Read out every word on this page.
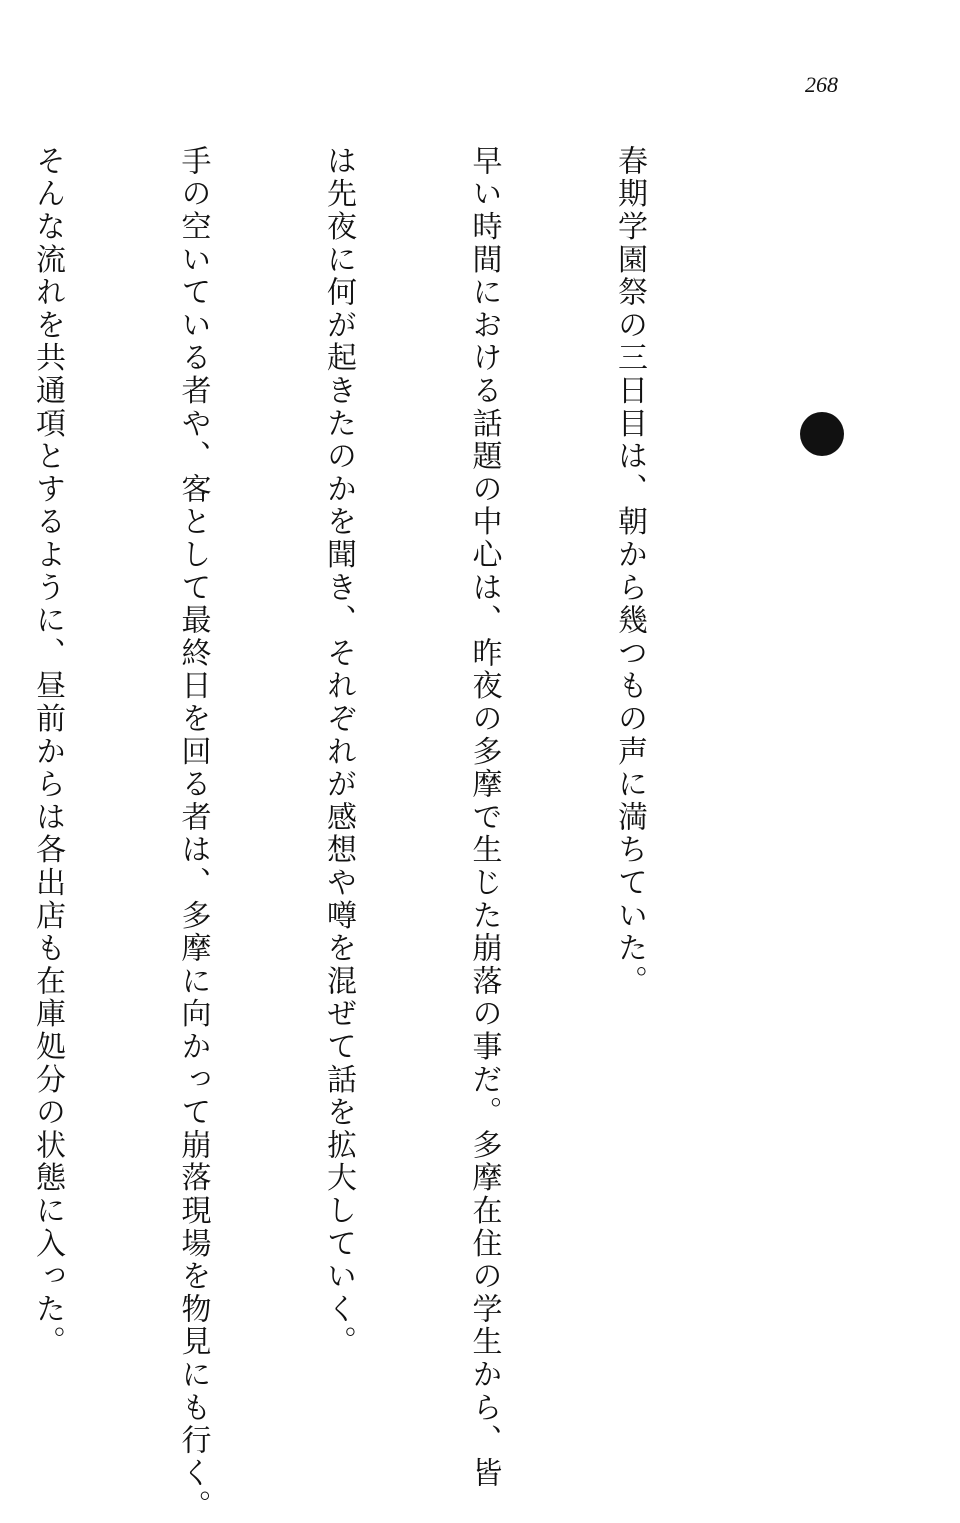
268

春期学園祭の三日目は、朝から幾つもの声に満ちていた。

早い時間における話題の中心は、昨夜の多摩で生じた崩落の事だ。多摩在住の学生から、皆

は先夜に何が起きたのかを聞き、それぞれが感想や噂を混ぜて話を拡大していく。

手の空いている者や、客として最終日を回る者は、多摩に向かって崩落現場を物見にも行く。

そんな流れを共通項とするように、昼前からは各出店も在庫処分の状態に入った。
